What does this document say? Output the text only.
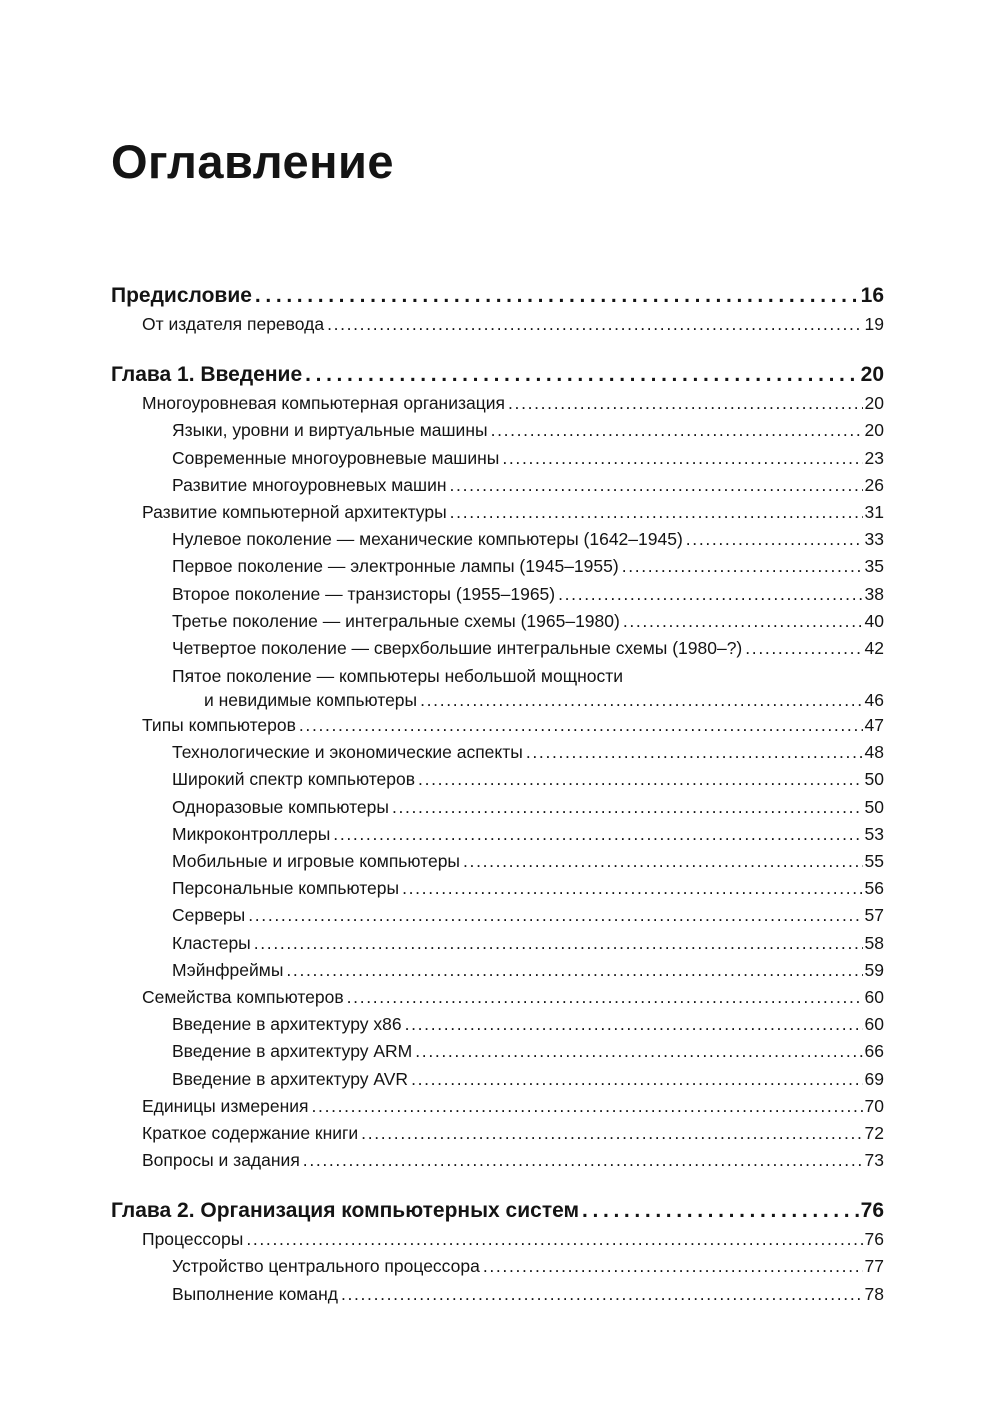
Оглавление
Предисловие . . .	16
От издателя перевода . . .	19
Глава 1. Введение . . .	20
Многоуровневая компьютерная организация . . .	20
Языки, уровни и виртуальные машины . . .	20
Современные многоуровневые машины . . .	23
Развитие многоуровневых машин . . .	26
Развитие компьютерной архитектуры . . .	31
Нулевое поколение — механические компьютеры (1642–1945) . . .	33
Первое поколение — электронные лампы (1945–1955) . . .	35
Второе поколение — транзисторы (1955–1965) . . .	38
Третье поколение — интегральные схемы (1965–1980) . . .	40
Четвертое поколение — сверхбольшие интегральные схемы (1980–?) . . .	42
Пятое поколение — компьютеры небольшой мощности
и невидимые компьютеры . . .	46
Типы компьютеров . . .	47
Технологические и экономические аспекты . . .	48
Широкий спектр компьютеров . . .	50
Одноразовые компьютеры . . .	50
Микроконтроллеры . . .	53
Мобильные и игровые компьютеры . . .	55
Персональные компьютеры . . .	56
Серверы . . .	57
Кластеры . . .	58
Мэйнфреймы . . .	59
Семейства компьютеров . . .	60
Введение в архитектуру x86 . . .	60
Введение в архитектуру ARM . . .	66
Введение в архитектуру AVR . . .	69
Единицы измерения . . .	70
Краткое содержание книги . . .	72
Вопросы и задания . . .	73
Глава 2. Организация компьютерных систем . . .	76
Процессоры . . .	76
Устройство центрального процессора . . .	77
Выполнение команд . . .	78
